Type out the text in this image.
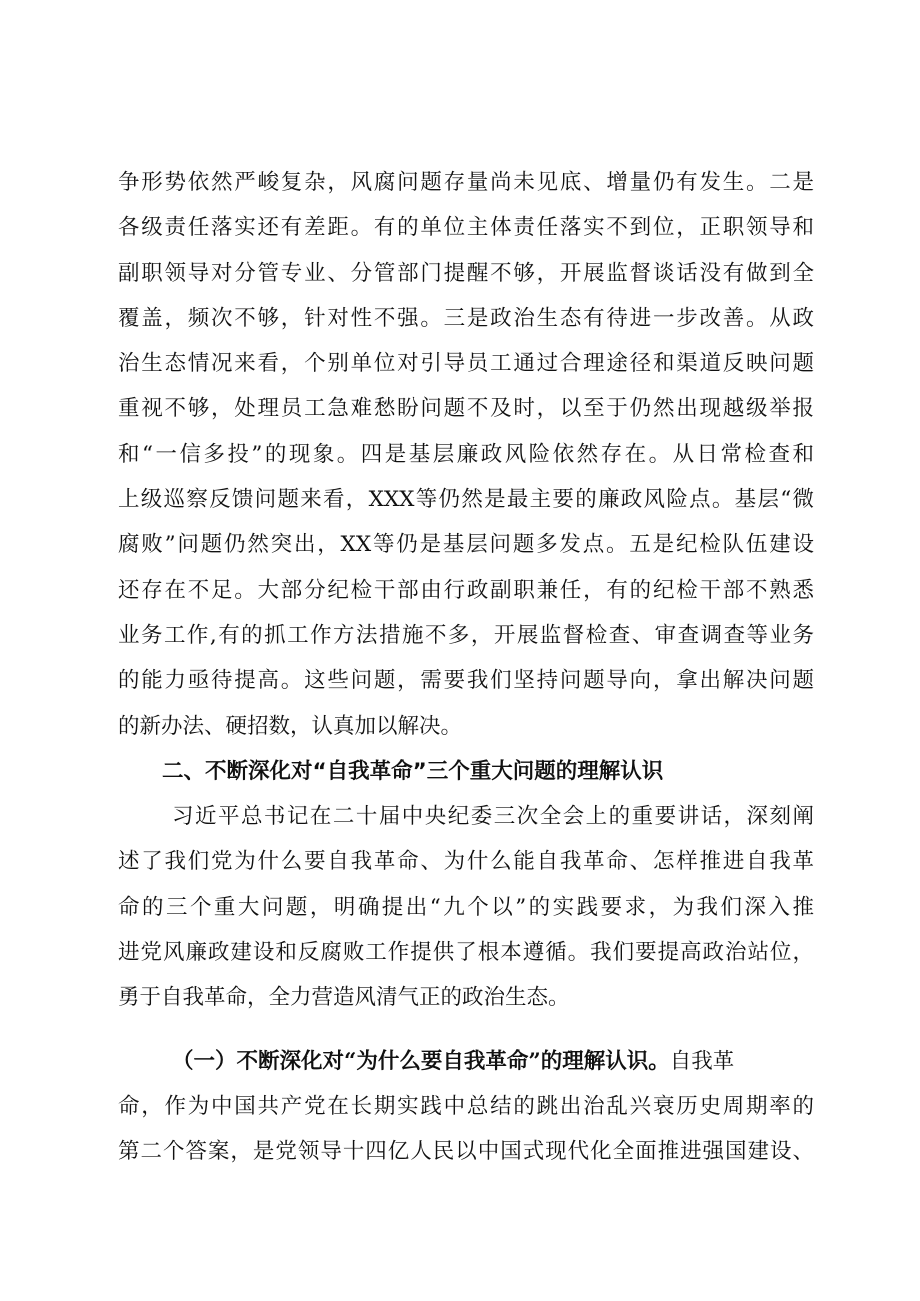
争形势依然严峻复杂，风腐问题存量尚未见底、增量仍有发生。二是
各级责任落实还有差距。有的单位主体责任落实不到位，正职领导和
副职领导对分管专业、分管部门提醒不够，开展监督谈话没有做到全
覆盖，频次不够，针对性不强。三是政治生态有待进一步改善。从政
治生态情况来看，个别单位对引导员工通过合理途径和渠道反映问题
重视不够，处理员工急难愁盼问题不及时，以至于仍然出现越级举报
和“一信多投”的现象。四是基层廉政风险依然存在。从日常检查和
上级巡察反馈问题来看，XXX等仍然是最主要的廉政风险点。基层“微
腐败”问题仍然突出，XX等仍是基层问题多发点。五是纪检队伍建设
还存在不足。大部分纪检干部由行政副职兼任，有的纪检干部不熟悉
业务工作,有的抓工作方法措施不多，开展监督检查、审查调查等业务
的能力亟待提高。这些问题，需要我们坚持问题导向，拿出解决问题
的新办法、硬招数，认真加以解决。
二、不断深化对“自我革命”三个重大问题的理解认识
习近平总书记在二十届中央纪委三次全会上的重要讲话，深刻阐
述了我们党为什么要自我革命、为什么能自我革命、怎样推进自我革
命的三个重大问题，明确提出“九个以”的实践要求，为我们深入推
进党风廉政建设和反腐败工作提供了根本遵循。我们要提高政治站位，
勇于自我革命，全力营造风清气正的政治生态。
（一）不断深化对“为什么要自我革命”的理解认识。自我革
命，作为中国共产党在长期实践中总结的跳出治乱兴衰历史周期率的
第二个答案，是党领导十四亿人民以中国式现代化全面推进强国建设、
